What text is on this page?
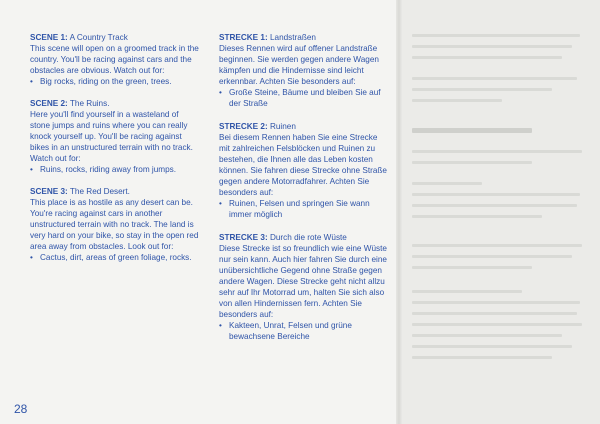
SCENE 1: A Country Track

This scene will open on a groomed track in the country. You'll be racing against cars and the obstacles are obvious. Watch out for:

• Big rocks, riding on the green, trees.

SCENE 2: The Ruins.

Here you'll find yourself in a wasteland of stone jumps and ruins where you can really knock yourself up. You'll be racing against bikes in an unstructured terrain with no track. Watch out for:

• Ruins, rocks, riding away from jumps.

SCENE 3: The Red Desert.

This place is as hostile as any desert can be. You're racing against cars in another unstructured terrain with no track. The land is very hard on your bike, so stay in the open red area away from obstacles. Look out for:

• Cactus, dirt, areas of green foliage, rocks.

STRECKE 1: Landstraßen

Dieses Rennen wird auf offener Landstraße beginnen. Sie werden gegen andere Wagen kämpfen und die Hindernisse sind leicht erkennbar. Achten Sie besonders auf:

• Große Steine, Bäume und bleiben Sie auf der Straße

STRECKE 2: Ruinen

Bei diesem Rennen haben Sie eine Strecke mit zahlreichen Felsblöcken und Ruinen zu bestehen, die Ihnen alle das Leben kosten können. Sie fahren diese Strecke ohne Straße gegen andere Motorradfahrer. Achten Sie besonders auf:

• Ruinen, Felsen und springen Sie wann immer möglich

STRECKE 3: Durch die rote Wüste

Diese Strecke ist so freundlich wie eine Wüste nur sein kann. Auch hier fahren Sie durch eine unübersichtliche Gegend ohne Straße gegen andere Wagen. Diese Strecke geht nicht allzu sehr auf Ihr Motorrad um, halten Sie sich also von allen Hindernissen fern. Achten Sie besonders auf:

• Kakteen, Unrat, Felsen und grüne bewachsene Bereiche

28
